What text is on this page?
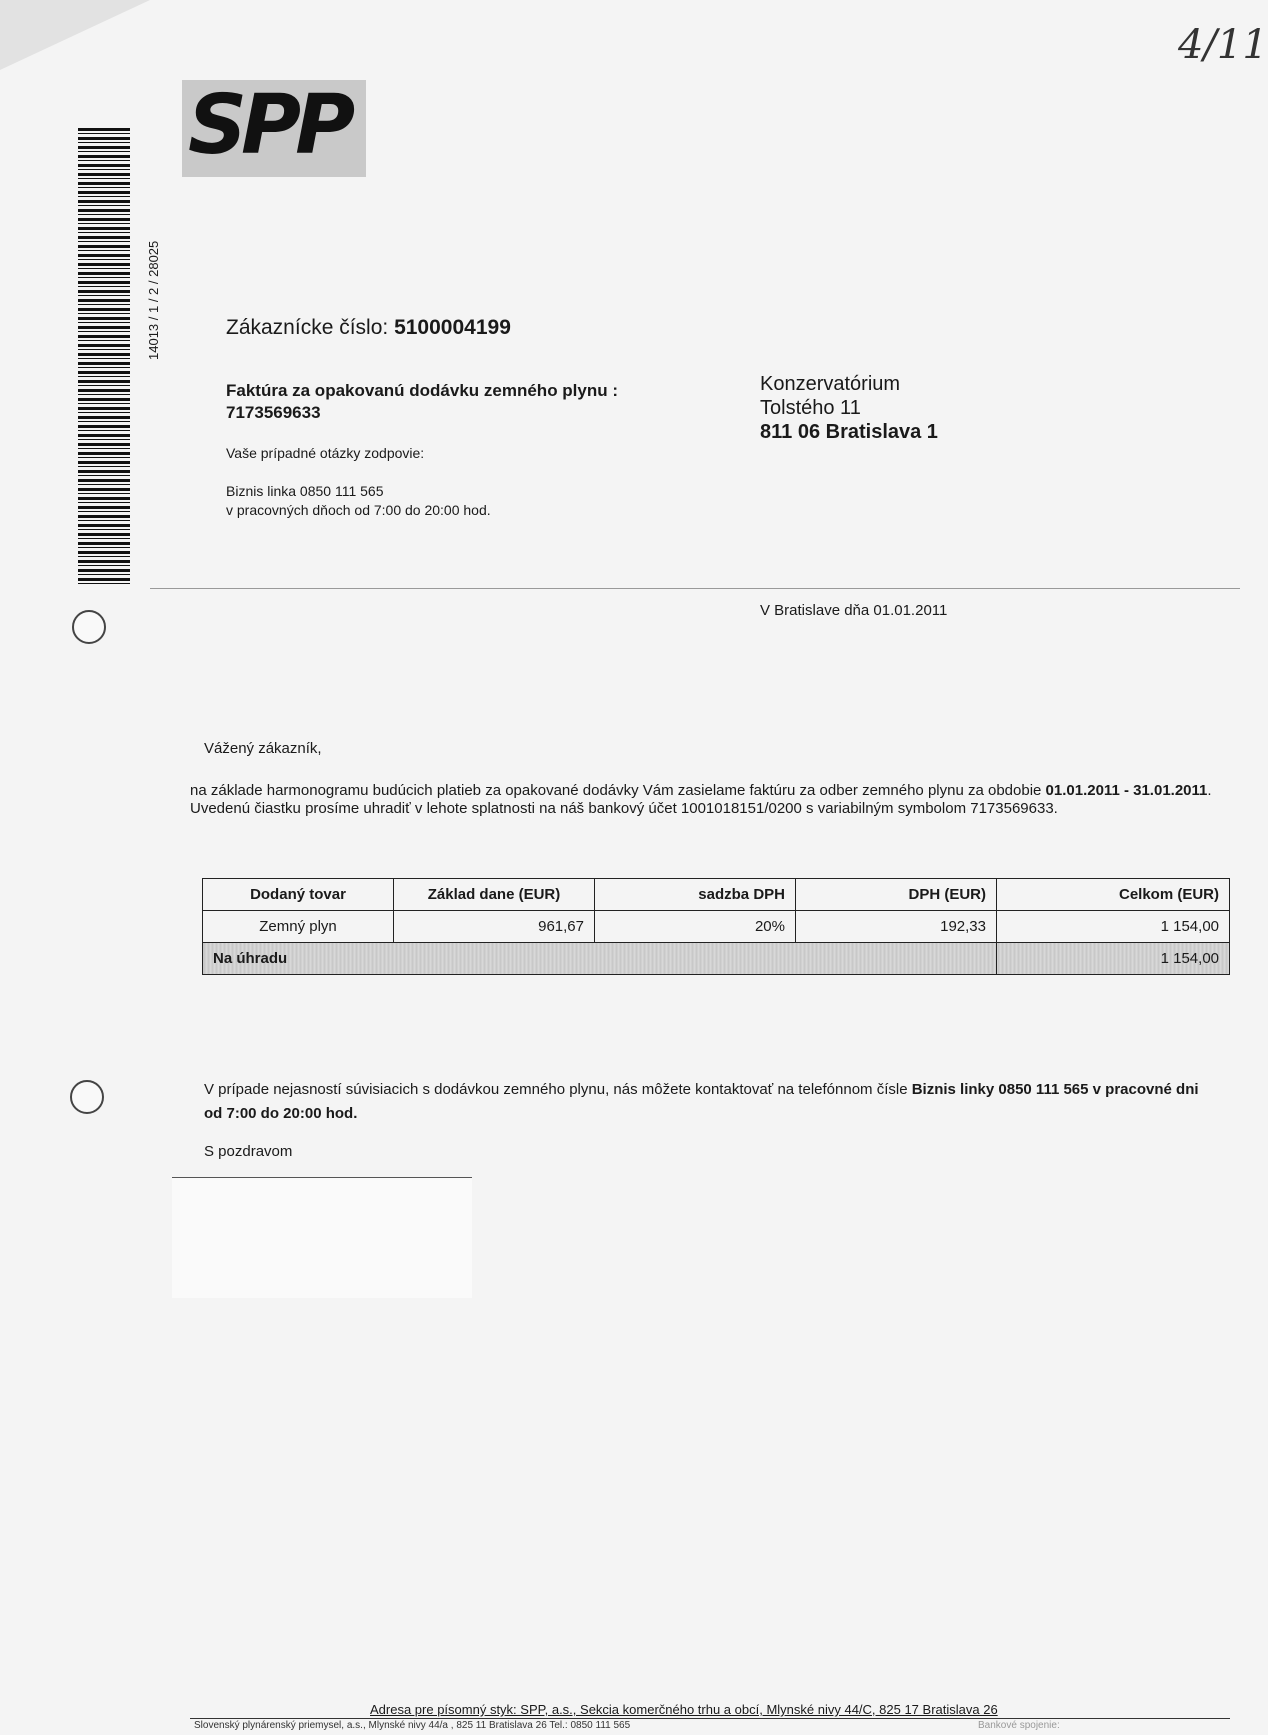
4/11
SPP
14013 / 1 / 2 / 28025	Zákaznícke číslo: 5100004199
Faktúra za opakovanú dodávku zemného plynu :
7173569633
Vaše prípadné otázky zodpovie:
Biznis linka 0850 111 565
v pracovných dňoch od 7:00 do 20:00 hod.
Konzervatórium
Tolstého 11
811 06 Bratislava 1
V Bratislave dňa 01.01.2011
Vážený zákazník,
na základe harmonogramu budúcich platieb za opakované dodávky Vám zasielame faktúru za odber zemného plynu za obdobie 01.01.2011 - 31.01.2011.
Uvedenú čiastku prosíme uhradiť v lehote splatnosti na náš bankový účet 1001018151/0200 s variabilným symbolom 7173569633.
Dodaný tovar	Základ dane (EUR)	sadzba DPH	DPH (EUR)	Celkom (EUR)
Zemný plyn	961,67	20%	192,33	1 154,00
Na úhradu				1 154,00
V prípade nejasností súvisiacich s dodávkou zemného plynu, nás môžete kontaktovať na telefónnom čísle Biznis linky 0850 111 565 v pracovné dni od 7:00 do 20:00 hod.
S pozdravom
Adresa pre písomný styk: SPP, a.s., Sekcia komerčného trhu a obcí, Mlynské nivy 44/C, 825 17 Bratislava 26
Slovenský plynárenský priemysel, a.s., Mlynské nivy 44/a , 825 11 Bratislava 26 Tel.: 0850 111 565	Bankové spojenie:
